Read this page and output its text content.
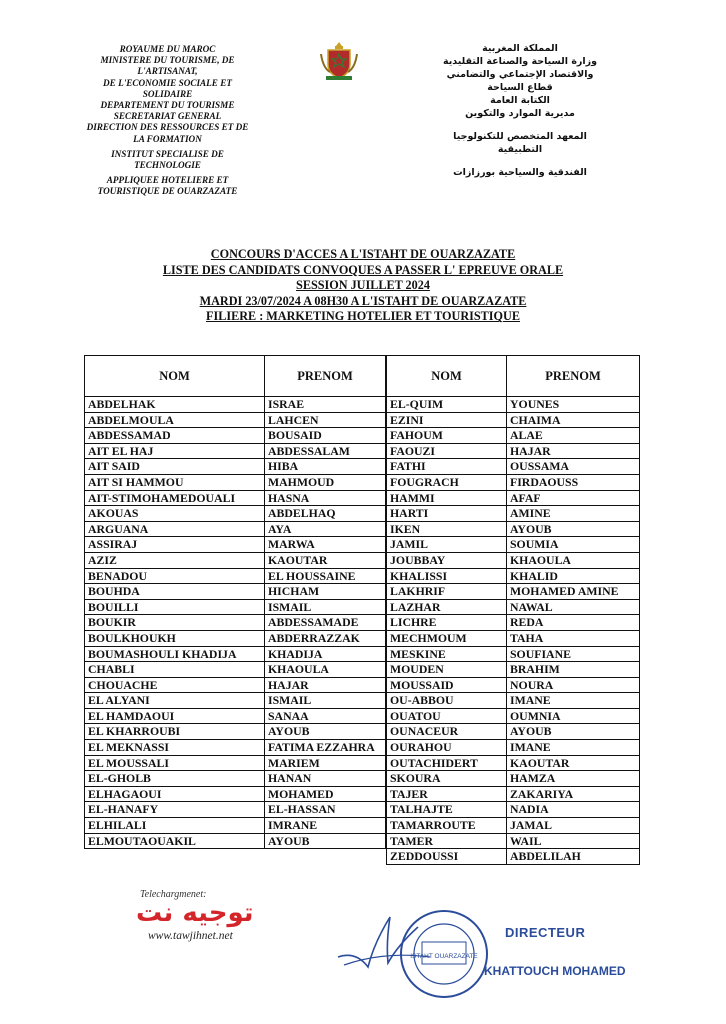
ROYAUME DU MAROC
MINISTERE DU TOURISME, DE
L'ARTISANAT,
DE L'ECONOMIE SOCIALE ET
SOLIDAIRE
DEPARTEMENT DU TOURISME
SECRETARIAT GENERAL
DIRECTION DES RESSOURCES ET DE
LA FORMATION
INSTITUT SPECIALISE DE
TECHNOLOGIE
APPLIQUEE HOTELIERE ET
TOURISTIQUE DE OUARZAZATE
المملكة المغربية
وزارة السياحة والصناعة التقليدية
والاقتصاد الإجتماعي والتضامني
قطاع السياحة
الكتابة العامة
مديرية الموارد والتكوين
المعهد المتخصص للتكنولوجيا التطبيقية
الفندقية والسياحية بورزازات
CONCOURS D'ACCES A L'ISTAHT DE OUARZAZATE
LISTE DES CANDIDATS CONVOQUES A PASSER L' EPREUVE ORALE
SESSION JUILLET 2024
MARDI 23/07/2024 A 08H30 A L'ISTAHT DE OUARZAZATE
FILIERE : MARKETING HOTELIER ET TOURISTIQUE
NOM	PRENOM
ABDELHAK	ISRAE
ABDELMOULA	LAHCEN
ABDESSAMAD	BOUSAID
AIT EL HAJ	ABDESSALAM
AIT SAID	HIBA
AIT SI HAMMOU	MAHMOUD
AIT-STIMOHAMEDOUALI	HASNA
AKOUAS	ABDELHAQ
ARGUANA	AYA
ASSIRAJ	MARWA
AZIZ	KAOUTAR
BENADOU	EL HOUSSAINE
BOUHDA	HICHAM
BOUILLI	ISMAIL
BOUKIR	ABDESSAMADE
BOULKHOUKH	ABDERRAZZAK
BOUMASHOULI KHADIJA	KHADIJA
CHABLI	KHAOULA
CHOUACHE	HAJAR
EL ALYANI	ISMAIL
EL HAMDAOUI	SANAA
EL KHARROUBI	AYOUB
EL MEKNASSI	FATIMA EZZAHRA
EL MOUSSALI	MARIEM
EL-GHOLB	HANAN
ELHAGAOUI	MOHAMED
EL-HANAFY	EL-HASSAN
ELHILALI	IMRANE
ELMOUTAOUAKIL	AYOUB
NOM	PRENOM
EL-QUIM	YOUNES
EZINI	CHAIMA
FAHOUM	ALAE
FAOUZI	HAJAR
FATHI	OUSSAMA
FOUGRACH	FIRDAOUSS
HAMMI	AFAF
HARTI	AMINE
IKEN	AYOUB
JAMIL	SOUMIA
JOUBBAY	KHAOULA
KHALISSI	KHALID
LAKHRIF	MOHAMED AMINE
LAZHAR	NAWAL
LICHRE	REDA
MECHMOUM	TAHA
MESKINE	SOUFIANE
MOUDEN	BRAHIM
MOUSSAID	NOURA
OU-ABBOU	IMANE
OUATOU	OUMNIA
OUNACEUR	AYOUB
OURAHOU	IMANE
OUTACHIDERT	KAOUTAR
SKOURA	HAMZA
TAJER	ZAKARIYA
TALHAJTE	NADIA
TAMARROUTE	JAMAL
TAMER	WAIL
ZEDDOUSSI	ABDELILAH
Telechargmenet:
توجيه نت
www.tawjihnet.net
ISTAHT OUARZAZATE
DIRECTEUR
KHATTOUCH MOHAMED
